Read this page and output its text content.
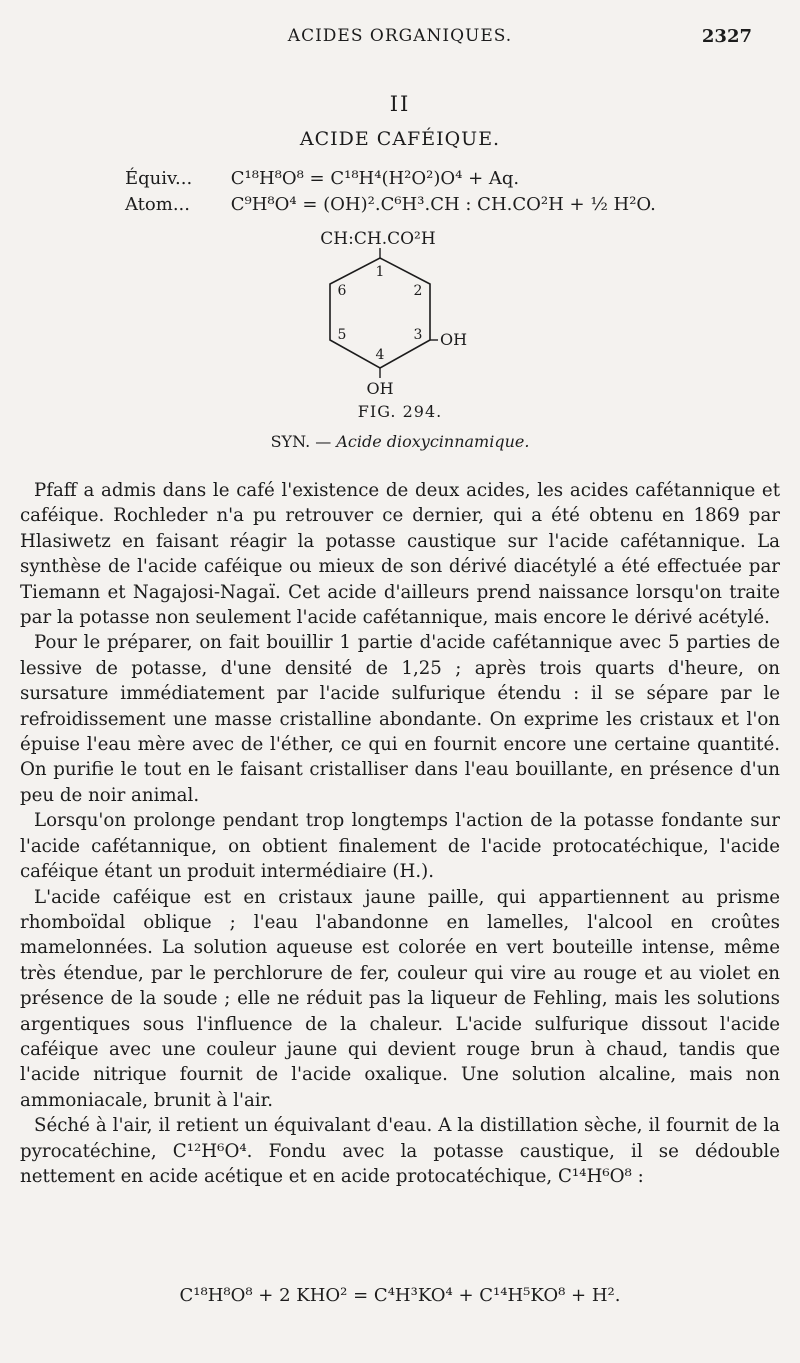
ACIDES ORGANIQUES.	2327
II
ACIDE CAFÉIQUE.
Équiv... C¹⁸H⁸O⁸ = C¹⁸H⁴(H²O²)O⁴ + Aq.
Atom... C⁹H⁸O⁴ = (OH)².C⁶H³.CH : CH.CO²H + ½ H²O.
CH:CH.CO²H
1
2
3
4
5
6
OH
OH
FIG. 294.
SYN. — Acide dioxycinnamique.

Pfaff a admis dans le café l'existence de deux acides, les acides cafétannique et caféique. Rochleder n'a pu retrouver ce dernier, qui a été obtenu en 1869 par Hlasiwetz en faisant réagir la potasse caustique sur l'acide cafétannique. La synthèse de l'acide caféique ou mieux de son dérivé diacétylé a été effectuée par Tiemann et Nagajosi-Nagaï. Cet acide d'ailleurs prend naissance lorsqu'on traite par la potasse non seulement l'acide cafétannique, mais encore le dérivé acétylé.

Pour le préparer, on fait bouillir 1 partie d'acide cafétannique avec 5 parties de lessive de potasse, d'une densité de 1,25 ; après trois quarts d'heure, on sursature immédiatement par l'acide sulfurique étendu : il se sépare par le refroidissement une masse cristalline abondante. On exprime les cristaux et l'on épuise l'eau mère avec de l'éther, ce qui en fournit encore une certaine quantité. On purifie le tout en le faisant cristalliser dans l'eau bouillante, en présence d'un peu de noir animal.

Lorsqu'on prolonge pendant trop longtemps l'action de la potasse fondante sur l'acide cafétannique, on obtient finalement de l'acide protocatéchique, l'acide caféique étant un produit intermédiaire (H.).

L'acide caféique est en cristaux jaune paille, qui appartiennent au prisme rhomboïdal oblique ; l'eau l'abandonne en lamelles, l'alcool en croûtes mamelonnées. La solution aqueuse est colorée en vert bouteille intense, même très étendue, par le perchlorure de fer, couleur qui vire au rouge et au violet en présence de la soude ; elle ne réduit pas la liqueur de Fehling, mais les solutions argentiques sous l'influence de la chaleur. L'acide sulfurique dissout l'acide caféique avec une couleur jaune qui devient rouge brun à chaud, tandis que l'acide nitrique fournit de l'acide oxalique. Une solution alcaline, mais non ammoniacale, brunit à l'air.

Séché à l'air, il retient un équivalant d'eau. A la distillation sèche, il fournit de la pyrocatéchine, C¹²H⁶O⁴. Fondu avec la potasse caustique, il se dédouble nettement en acide acétique et en acide protocatéchique, C¹⁴H⁶O⁸ :

C¹⁸H⁸O⁸ + 2 KHO² = C⁴H³KO⁴ + C¹⁴H⁵KO⁸ + H².
